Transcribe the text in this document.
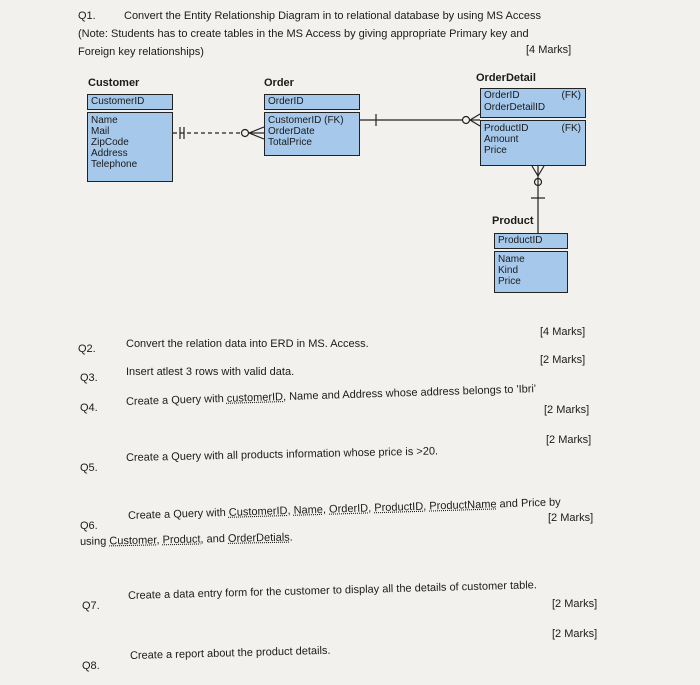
Q1.	Convert the Entity Relationship Diagram in to relational database by using MS Access
(Note: Students has to create tables in the MS Access by giving appropriate Primary key and
Foreign key relationships)	[4 Marks]
Customer
CustomerID
Name
Mail
ZipCode
Address
Telephone
Order
OrderID
CustomerID (FK)
OrderDate
TotalPrice
OrderDetail
OrderID	(FK)
OrderDetailID
ProductID	(FK)
Amount
Price
Product
ProductID
Name
Kind
Price
Q2.	Convert the relation data into ERD in MS. Access.
[4 Marks]
Q3.	Insert atlest 3 rows with valid data.
[2 Marks]
Q4.
Create a Query with customerID, Name and Address whose address belongs to 'Ibri'
[2 Marks]
Q5.
Create a Query with all products information whose price is >20.
[2 Marks]
Q6.
Create a Query with CustomerID, Name, OrderID, ProductID, ProductName and Price by
using Customer, Product, and OrderDetials.
[2 Marks]
Q7.
Create a data entry form for the customer to display all the details of customer table.
[2 Marks]
Q8.
Create a report about the product details.
[2 Marks]
